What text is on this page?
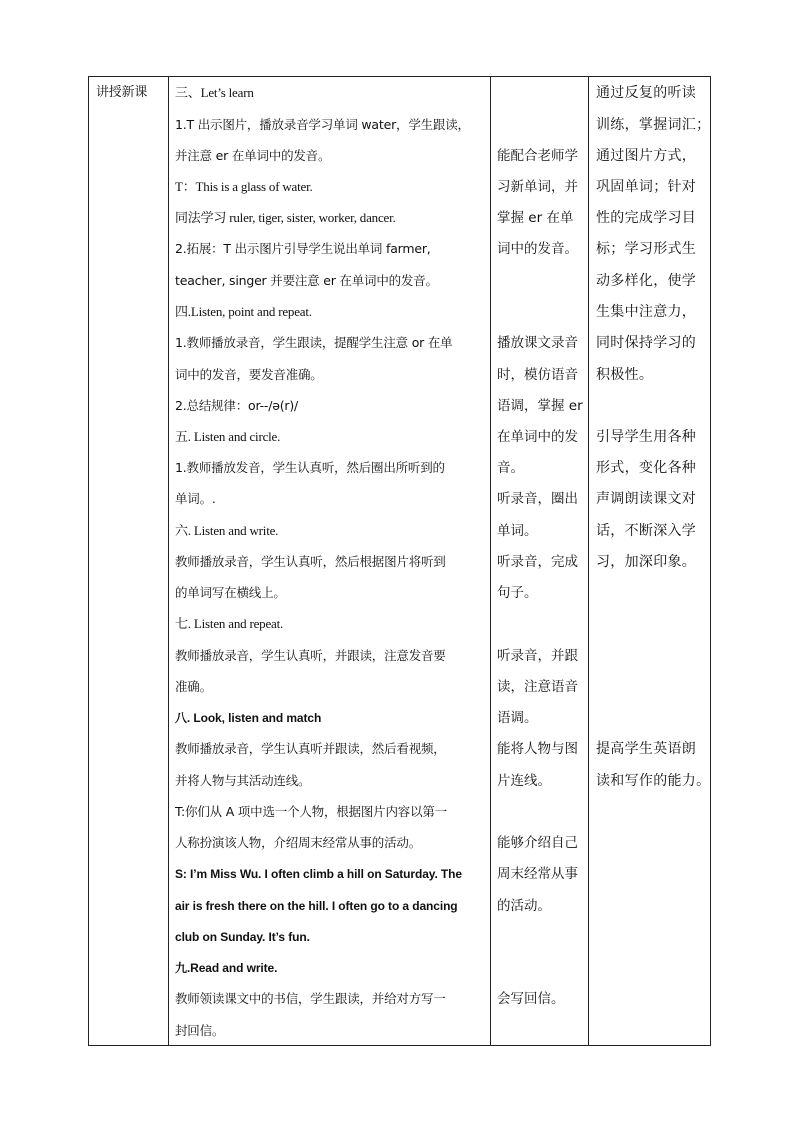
讲授新课	三、Let’s learn
1.T 出示图片，播放录音学习单词 water，学生跟读，
并注意 er 在单词中的发音。
T：This is a glass of water.
同法学习 ruler, tiger, sister, worker, dancer.
2.拓展：T 出示图片引导学生说出单词 farmer,
teacher, singer 并要注意 er 在单词中的发音。
四.Listen, point and repeat.
1.教师播放录音，学生跟读，提醒学生注意 or 在单
词中的发音，要发音准确。
2.总结规律：or--/ə(r)/
五. Listen and circle.
1.教师播放发音，学生认真听，然后圈出所听到的
单词。.
六. Listen and write.
教师播放录音，学生认真听，然后根据图片将听到
的单词写在横线上。
七. Listen and repeat.
教师播放录音，学生认真听，并跟读，注意发音要
准确。
八. Look, listen and match
教师播放录音，学生认真听并跟读，然后看视频，
并将人物与其活动连线。
T:你们从 A 项中选一个人物，根据图片内容以第一
人称扮演该人物，介绍周末经常从事的活动。
S: I’m Miss Wu. I often climb a hill on Saturday. The
air is fresh there on the hill. I often go to a dancing
club on Sunday. It’s fun.
九.Read and write.
教师领读课文中的书信，学生跟读，并给对方写一
封回信。

能配合老师学
习新单词，并
掌握 er 在单
词中的发音。
播放课文录音
时，模仿语音
语调，掌握 er
在单词中的发
音。
听录音，圈出
单词。
听录音，完成
句子。
听录音，并跟
读，注意语音
语调。
能将人物与图
片连线。
能够介绍自己
周末经常从事
的活动。
会写回信。

通过反复的听读
训练，掌握词汇；
通过图片方式，
巩固单词；针对
性的完成学习目
标；学习形式生
动多样化，使学
生集中注意力，
同时保持学习的
积极性。
引导学生用各种
形式，变化各种
声调朗读课文对
话，不断深入学
习，加深印象。
提高学生英语朗
读和写作的能力。
